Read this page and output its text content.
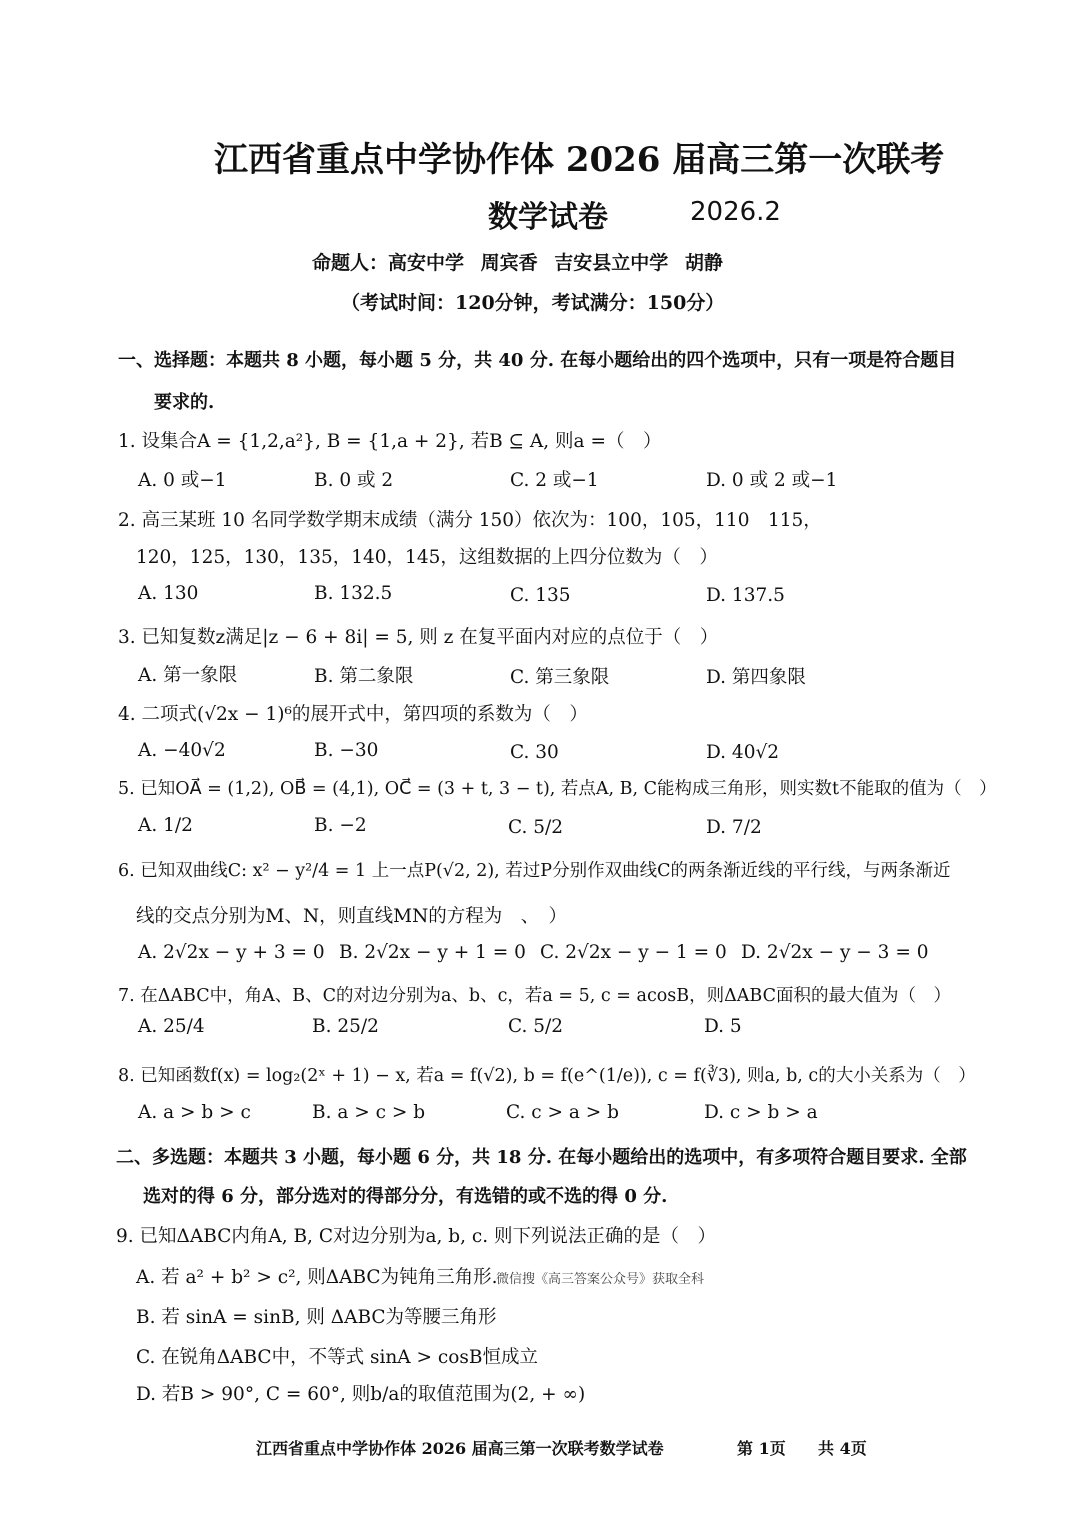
江西省重点中学协作体 2026 届高三第一次联考
数学试卷	2026.2
命题人：高安中学 周宾香 吉安县立中学 胡静
（考试时间：120分钟，考试满分：150分）
一、选择题：本题共 8 小题，每小题 5 分，共 40 分. 在每小题给出的四个选项中，只有一项是符合题目
要求的.
1. 设集合A = {1,2,a²}, B = {1,a + 2}, 若B ⊆ A, 则a =（　）
A. 0 或−1	B. 0 或 2	C. 2 或−1	D. 0 或 2 或−1
2. 高三某班 10 名同学数学期末成绩（满分 150）依次为：100，105，110　115，
120，125，130，135，140，145，这组数据的上四分位数为（　）
A. 130	B. 132.5	C. 135	D. 137.5
3. 已知复数z满足|z − 6 + 8i| = 5, 则 z 在复平面内对应的点位于（　）
A. 第一象限	B. 第二象限	C. 第三象限	D. 第四象限
4. 二项式(√2x − 1)⁶的展开式中，第四项的系数为（　）
A. −40√2	B. −30	C. 30	D. 40√2
5. 已知OA⃗ = (1,2), OB⃗ = (4,1), OC⃗ = (3 + t, 3 − t), 若点A, B, C能构成三角形，则实数t不能取的值为（　）
A. 1/2	B. −2	C. 5/2	D. 7/2
6. 已知双曲线C: x² − y²/4 = 1 上一点P(√2, 2), 若过P分别作双曲线C的两条渐近线的平行线，与两条渐近
线的交点分别为M、N，则直线MN的方程为　、　）
A. 2√2x − y + 3 = 0 B. 2√2x − y + 1 = 0 C. 2√2x − y − 1 = 0 D. 2√2x − y − 3 = 0
7. 在ΔABC中，角A、B、C的对边分别为a、b、c，若a = 5, c = acosB，则ΔABC面积的最大值为（　）
A. 25/4	B. 25/2	C. 5/2	D. 5
8. 已知函数f(x) = log₂(2ˣ + 1) − x, 若a = f(√2), b = f(e^(1/e)), c = f(∛3), 则a, b, c的大小关系为（　）
A. a > b > c	B. a > c > b	C. c > a > b	D. c > b > a
二、多选题：本题共 3 小题，每小题 6 分，共 18 分. 在每小题给出的选项中，有多项符合题目要求. 全部
选对的得 6 分，部分选对的得部分分，有选错的或不选的得 0 分.
9. 已知ΔABC内角A, B, C对边分别为a, b, c. 则下列说法正确的是（　）
A. 若 a² + b² > c², 则ΔABC为钝角三角形.
微信搜《高三答案公众号》获取全科
B. 若 sinA = sinB, 则 ΔABC为等腰三角形
C. 在锐角ΔABC中，不等式 sinA > cosB恒成立
D. 若B > 90°, C = 60°, 则b/a的取值范围为(2, + ∞)
江西省重点中学协作体 2026 届高三第一次联考数学试卷	第 1页 共 4页
